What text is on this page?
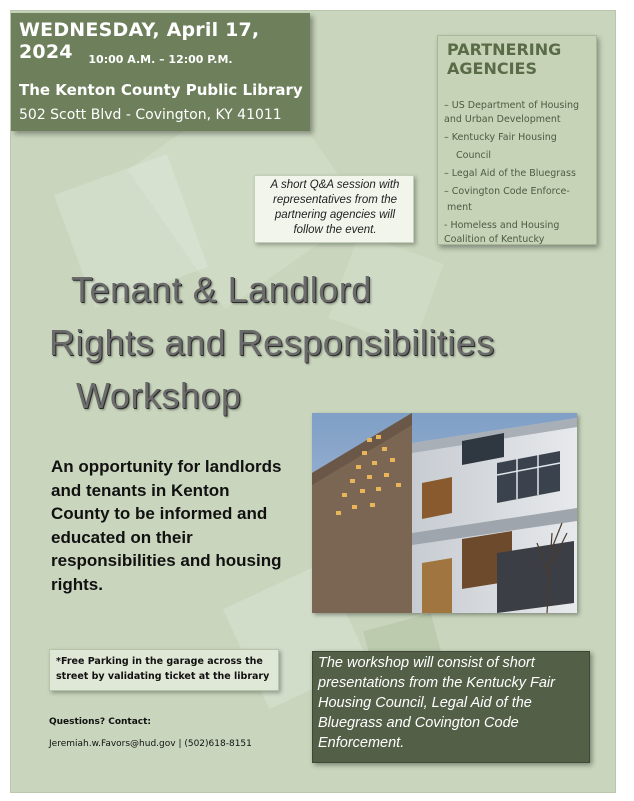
WEDNESDAY, April 17, 2024	10:00 A.M. – 12:00 P.M.
The Kenton County Public Library
502 Scott Blvd - Covington, KY 41011
PARTNERING
AGENCIES
– US Department of Housing
and Urban Development
– Kentucky Fair Housing
Council
– Legal Aid of the Bluegrass
– Covington Code Enforce- ment
- Homeless and Housing
Coalition of Kentucky
A short Q&A session with representatives from the partnering agencies will follow the event.
Tenant & Landlord
Rights and Responsibilities
Workshop
An opportunity for landlords and tenants in Kenton County to be informed and educated on their responsibilities and housing rights.
*Free Parking in the garage across the street by validating ticket at the library
Questions? Contact:
Jeremiah.w.Favors@hud.gov | (502)618-8151
The workshop will consist of short presentations from the Kentucky Fair Housing Council, Legal Aid of the Bluegrass and Covington Code Enforcement.
